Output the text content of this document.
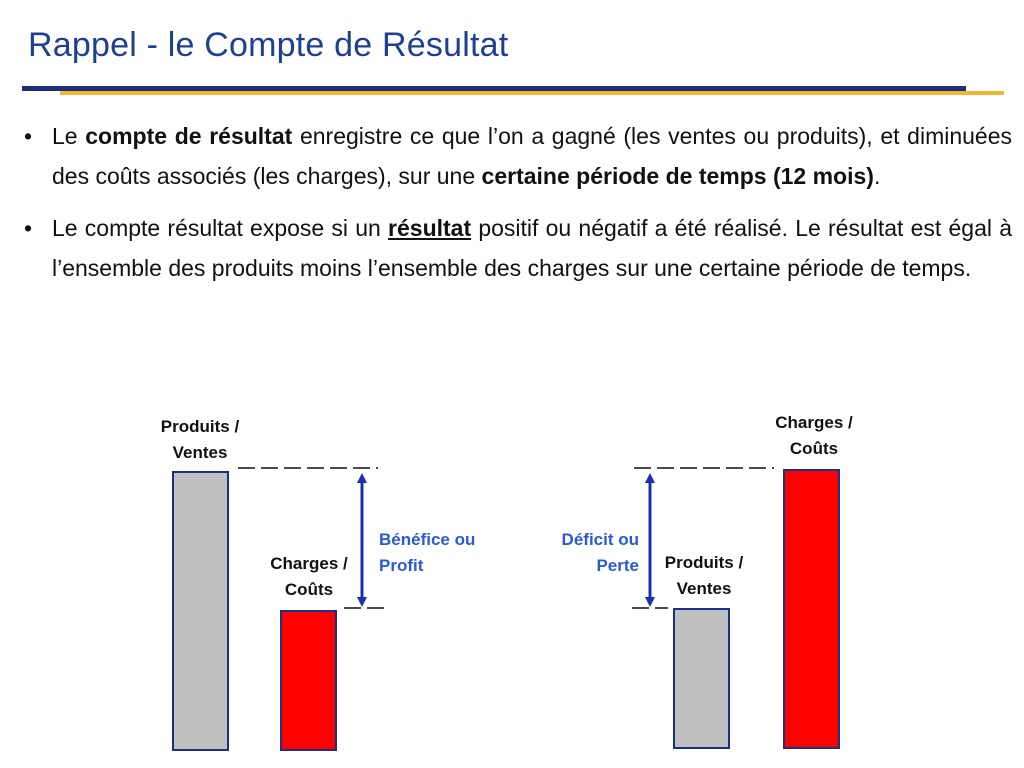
Rappel - le Compte de Résultat
• Le compte de résultat enregistre ce que l’on a gagné (les ventes ou produits), et diminuées des coûts associés (les charges), sur une certaine période de temps (12 mois).
• Le compte résultat expose si un résultat positif ou négatif a été réalisé. Le résultat est égal à l’ensemble des produits moins l’ensemble des charges sur une certaine période de temps.
Produits /
Ventes
Charges /
Coûts
Bénéfice ou
Profit
Charges /
Coûts
Produits /
Ventes
Déficit ou
Perte
